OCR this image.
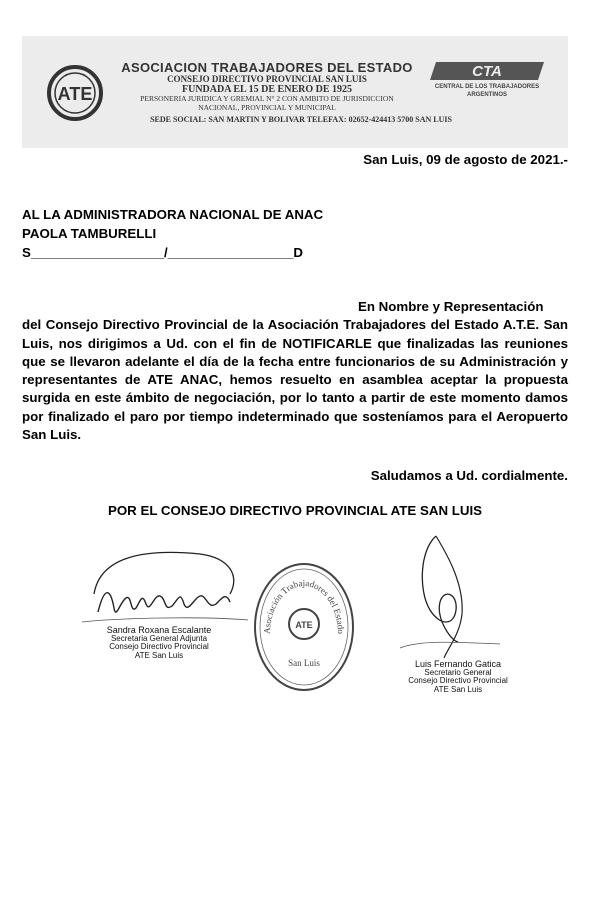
ATE
ASOCIACION TRABAJADORES DEL ESTADO
CONSEJO DIRECTIVO PROVINCIAL SAN LUIS
FUNDADA EL 15 DE ENERO DE 1925
PERSONERIA JURIDICA Y GREMIAL N° 2 CON AMBITO DE JURISDICCION
NACIONAL, PROVINCIAL Y MUNICIPAL
SEDE SOCIAL: SAN MARTIN Y BOLIVAR TELEFAX: 02652-424413 5700 SAN LUIS
CTA
CENTRAL DE LOS TRABAJADORES
ARGENTINOS
San Luis, 09 de agosto de 2021.-
AL LA ADMINISTRADORA NACIONAL DE ANAC
PAOLA TAMBURELLI
S__________________/_________________D
En Nombre y Representación
del Consejo Directivo Provincial de la Asociación Trabajadores del Estado A.T.E. San Luis, nos dirigimos a Ud. con el fin de NOTIFICARLE que finalizadas las reuniones que se llevaron adelante el día de la fecha entre funcionarios de su Administración y representantes de ATE ANAC, hemos resuelto en asamblea aceptar la propuesta surgida en este ámbito de negociación, por lo tanto a partir de este momento damos por finalizado el paro por tiempo indeterminado que sosteníamos para el Aeropuerto San Luis.
Saludamos a Ud. cordialmente.
POR EL CONSEJO DIRECTIVO PROVINCIAL ATE SAN LUIS
Sandra Roxana Escalante
Secretaria General Adjunta
Consejo Directivo Provincial
ATE San Luis
Asociación Trabajadores del Estado
ATE
San Luis	Luis Fernando Gatica
Secretario General
Consejo Directivo Provincial
ATE San Luis
